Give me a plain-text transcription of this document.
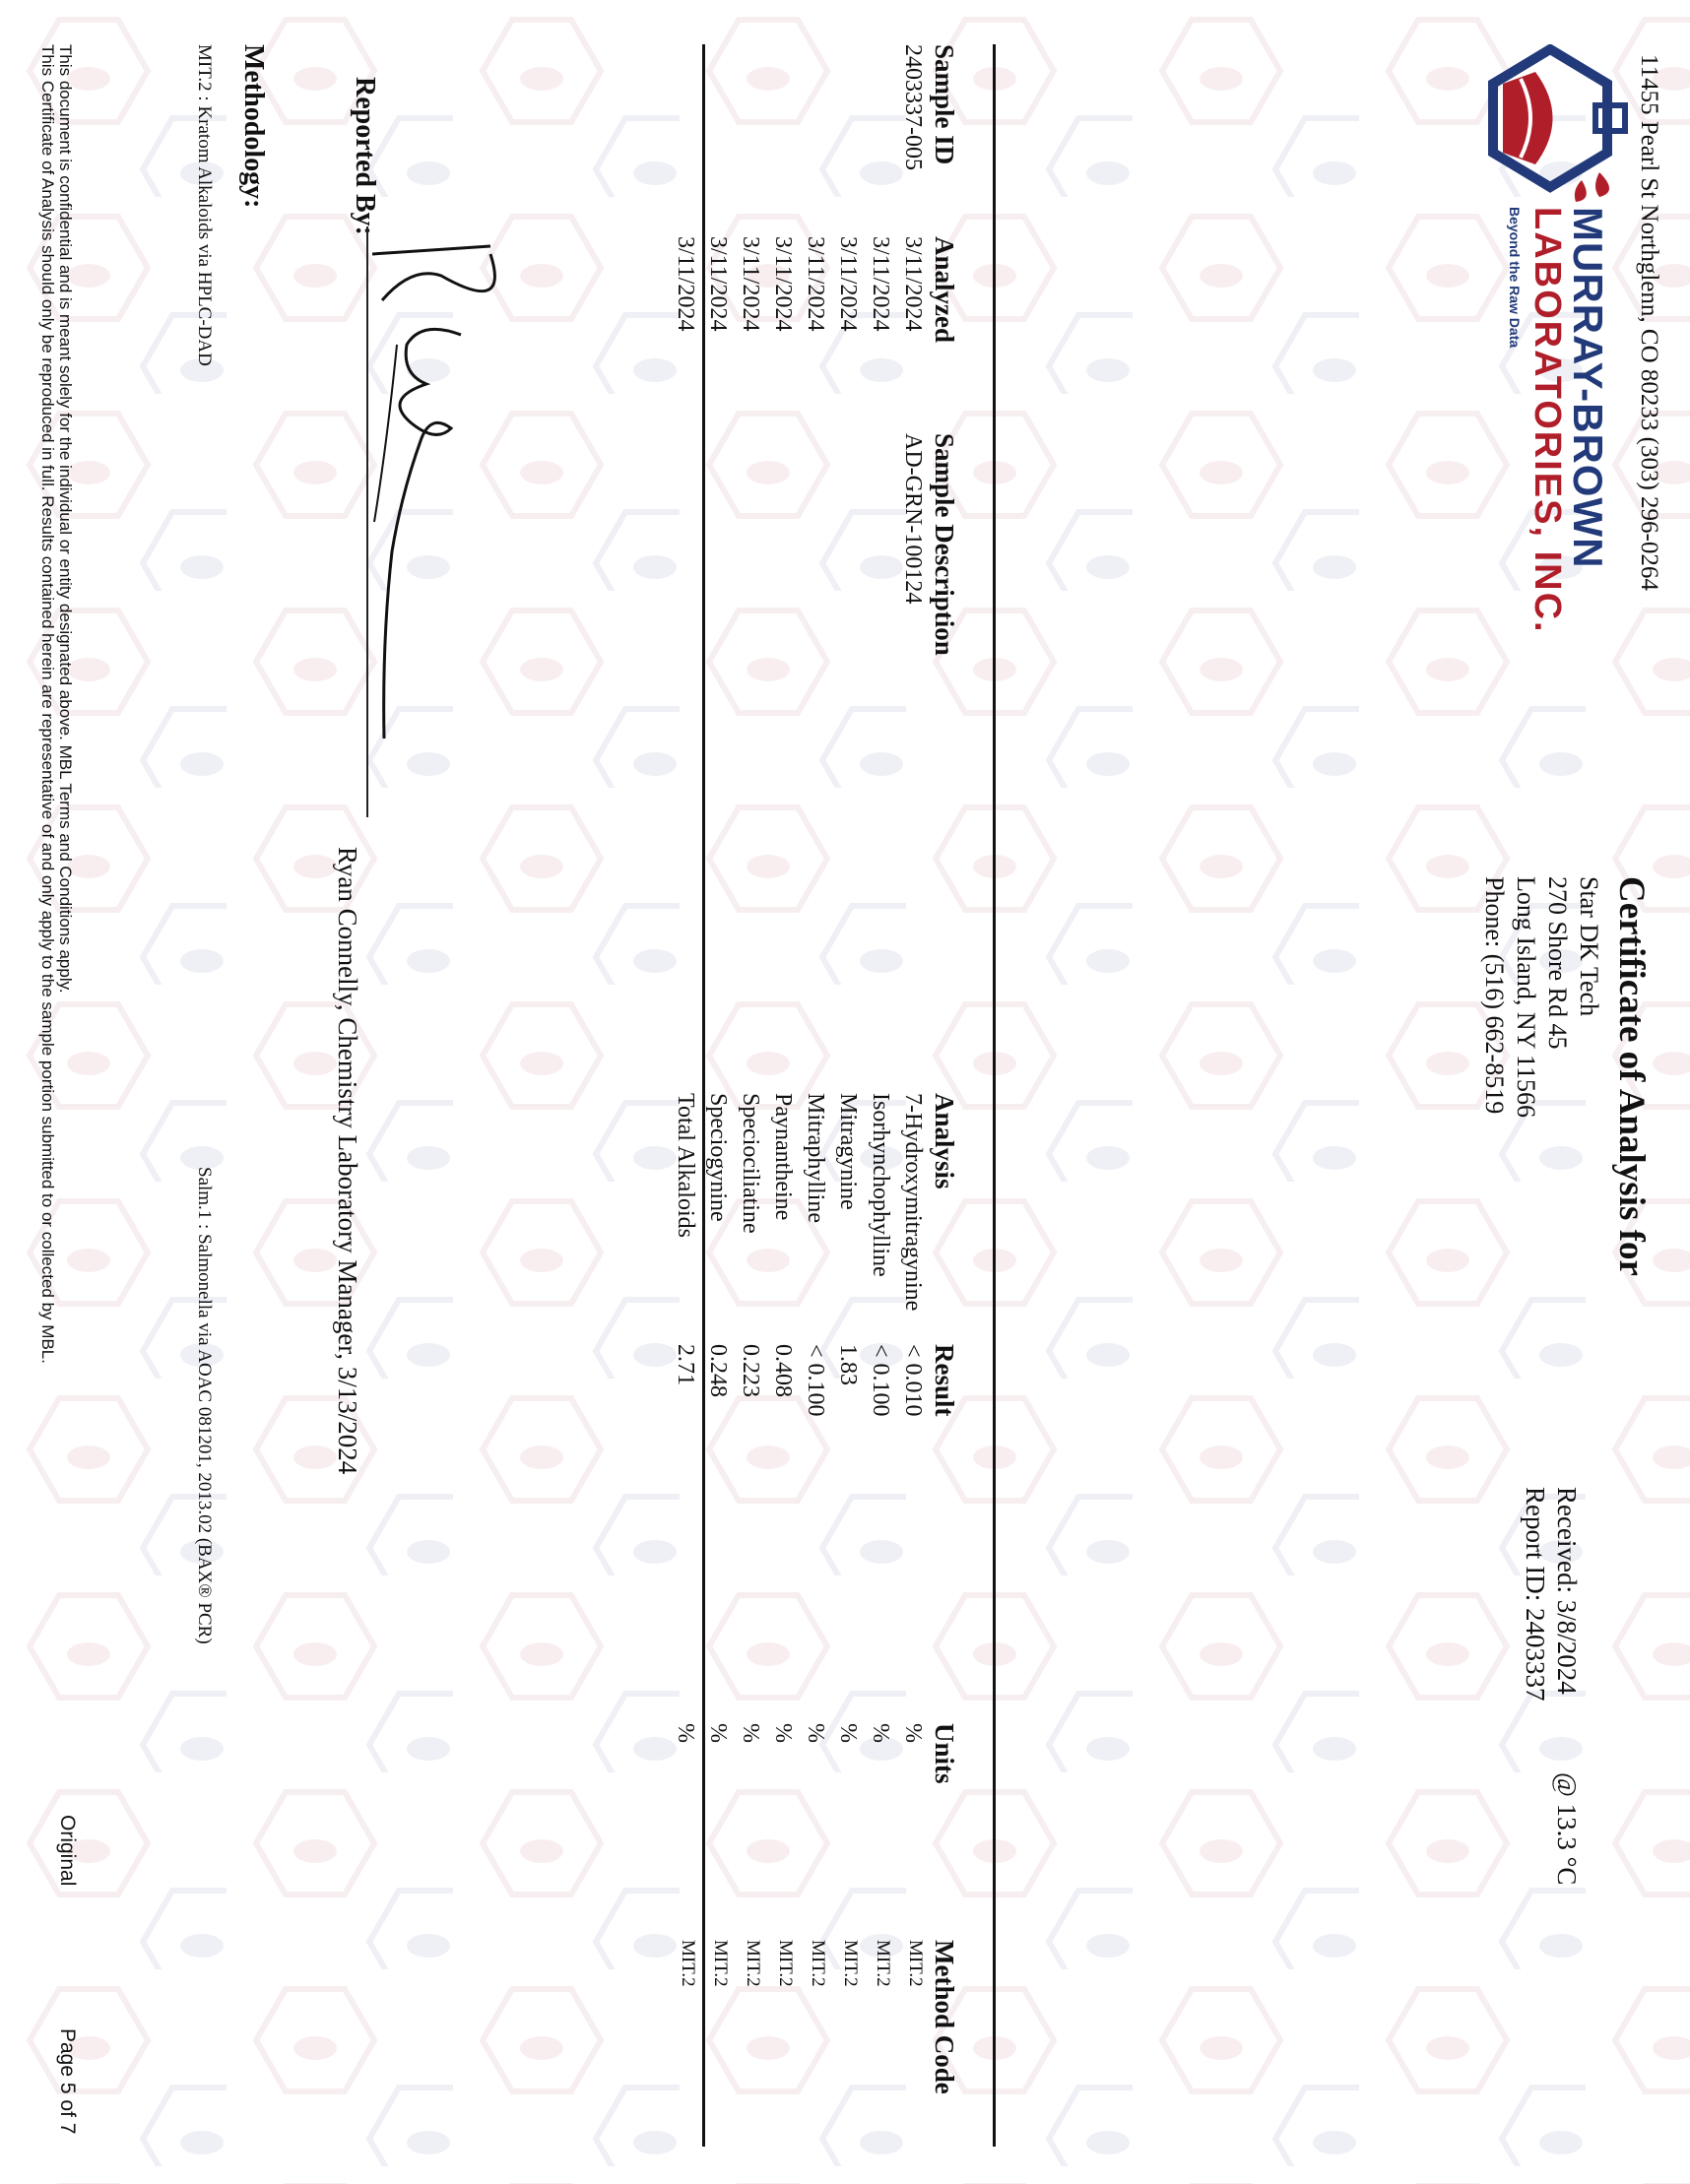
11455 Pearl St Northglenn, CO 80233 (303) 296-0264
MURRAY-BROWN
LABORATORIES, INC.
Beyond the Raw Data
Certificate of Analysis for
Star DK Tech
270 Shore Rd 45
Long Island, NY 11566
Phone: (516) 662-8519
Received: 3/8/2024
@ 13.3 °C
Report ID: 2403337
Sample ID
Analyzed
Sample Description
Analysis
Result
Units
Method Code
2403337-005
AD-GRN-100124
3/11/2024
7-Hydroxymitragynine
< 0.010
%
MIT.2
3/11/2024
Isorhynchophylline
< 0.100
%
MIT.2
3/11/2024
Mitragynine
1.83
%
MIT.2
3/11/2024
Mitraphylline
< 0.100
%
MIT.2
3/11/2024
Paynantheine
0.408
%
MIT.2
3/11/2024
Speciociliatine
0.223
%
MIT.2
3/11/2024
Speciogynine
0.248
%
MIT.2
3/11/2024
Total Alkaloids
2.71
%
MIT.2
Reported By:
Ryan Connelly, Chemistry Laboratory Manager, 3/13/2024
Methodology:
MIT.2 : Kratom Alkaloids via HPLC-DAD
Salm.1 : Salmonella via AOAC 081201, 2013.02 (BAX® PCR)
This document is confidential and is meant solely for the individual or entity designated above. MBL Terms and Conditions apply.
This Certificate of Analysis should only be reproduced in full. Results contained herein are representative of and only apply to the sample portion submitted to or collected by MBL.
Original
Page 5 of 7
